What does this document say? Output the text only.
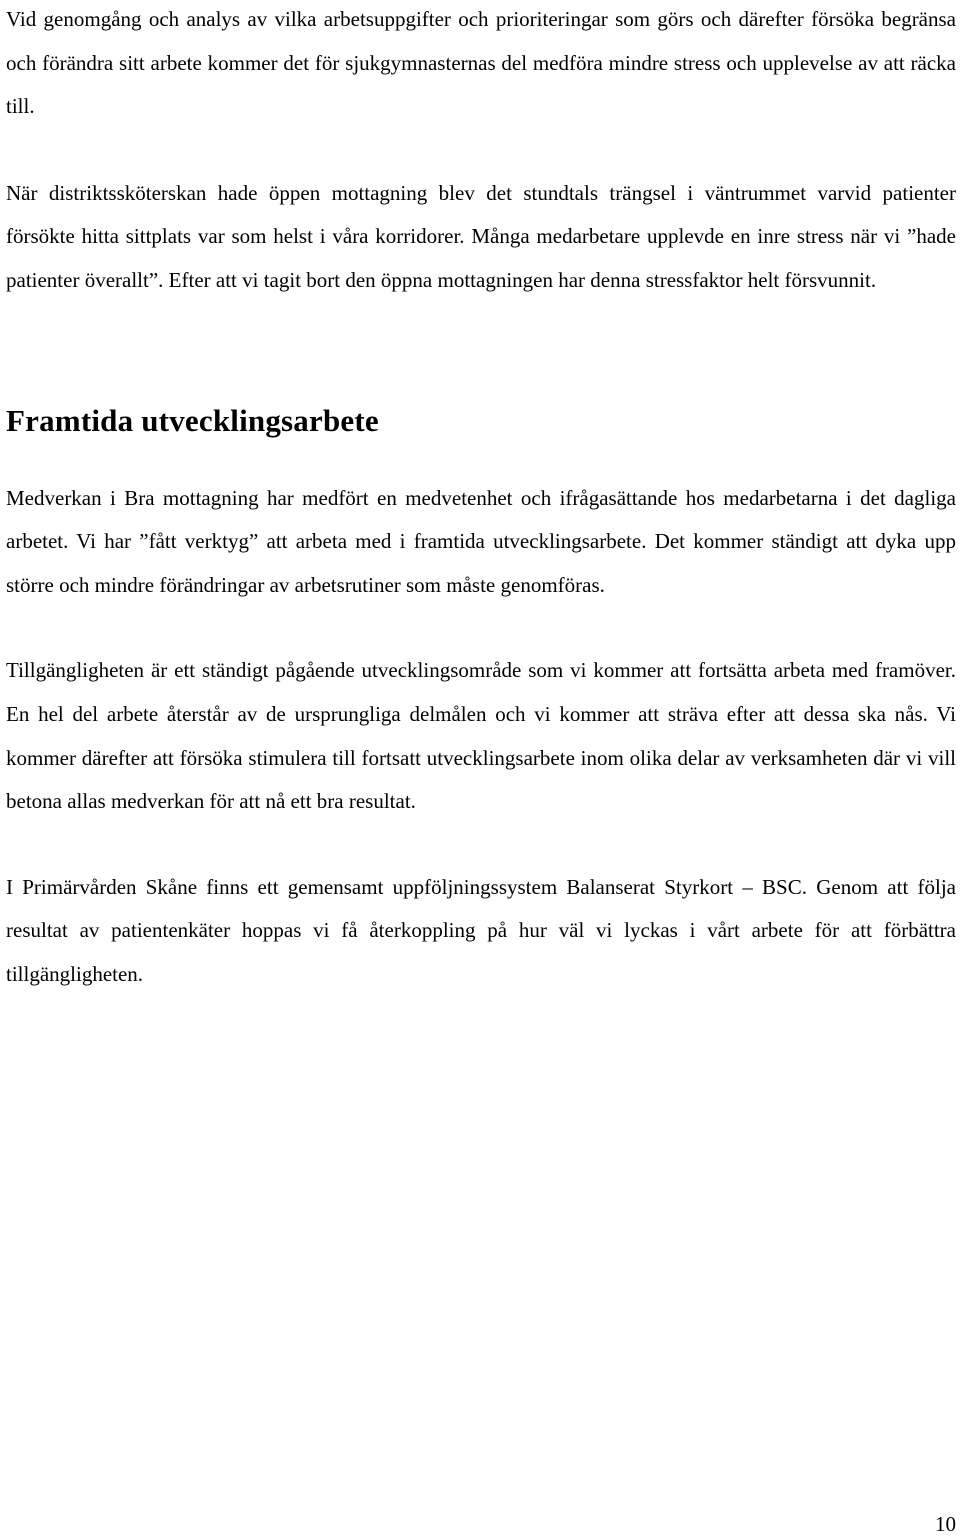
Vid genomgång och analys av vilka arbetsuppgifter och prioriteringar som görs och därefter försöka begränsa och förändra sitt arbete kommer det för sjukgymnasternas del medföra mindre stress och upplevelse av att räcka till.

När distriktssköterskan hade öppen mottagning blev det stundtals trängsel i väntrummet varvid patienter försökte hitta sittplats var som helst i våra korridorer. Många medarbetare upplevde en inre stress när vi ”hade patienter överallt”. Efter att vi tagit bort den öppna mottagningen har denna stressfaktor helt försvunnit.

Framtida utvecklingsarbete

Medverkan i Bra mottagning har medfört en medvetenhet och ifrågasättande hos medarbetarna i det dagliga arbetet. Vi har ”fått verktyg” att arbeta med i framtida utvecklingsarbete. Det kommer ständigt att dyka upp större och mindre förändringar av arbetsrutiner som måste genomföras.

Tillgängligheten är ett ständigt pågående utvecklingsområde som vi kommer att fortsätta arbeta med framöver. En hel del arbete återstår av de ursprungliga delmålen och vi kommer att sträva efter att dessa ska nås. Vi kommer därefter att försöka stimulera till fortsatt utvecklingsarbete inom olika delar av verksamheten där vi vill betona allas medverkan för att nå ett bra resultat.

I Primärvården Skåne finns ett gemensamt uppföljningssystem Balanserat Styrkort – BSC. Genom att följa resultat av patientenkäter hoppas vi få återkoppling på hur väl vi lyckas i vårt arbete för att förbättra tillgängligheten.

10
